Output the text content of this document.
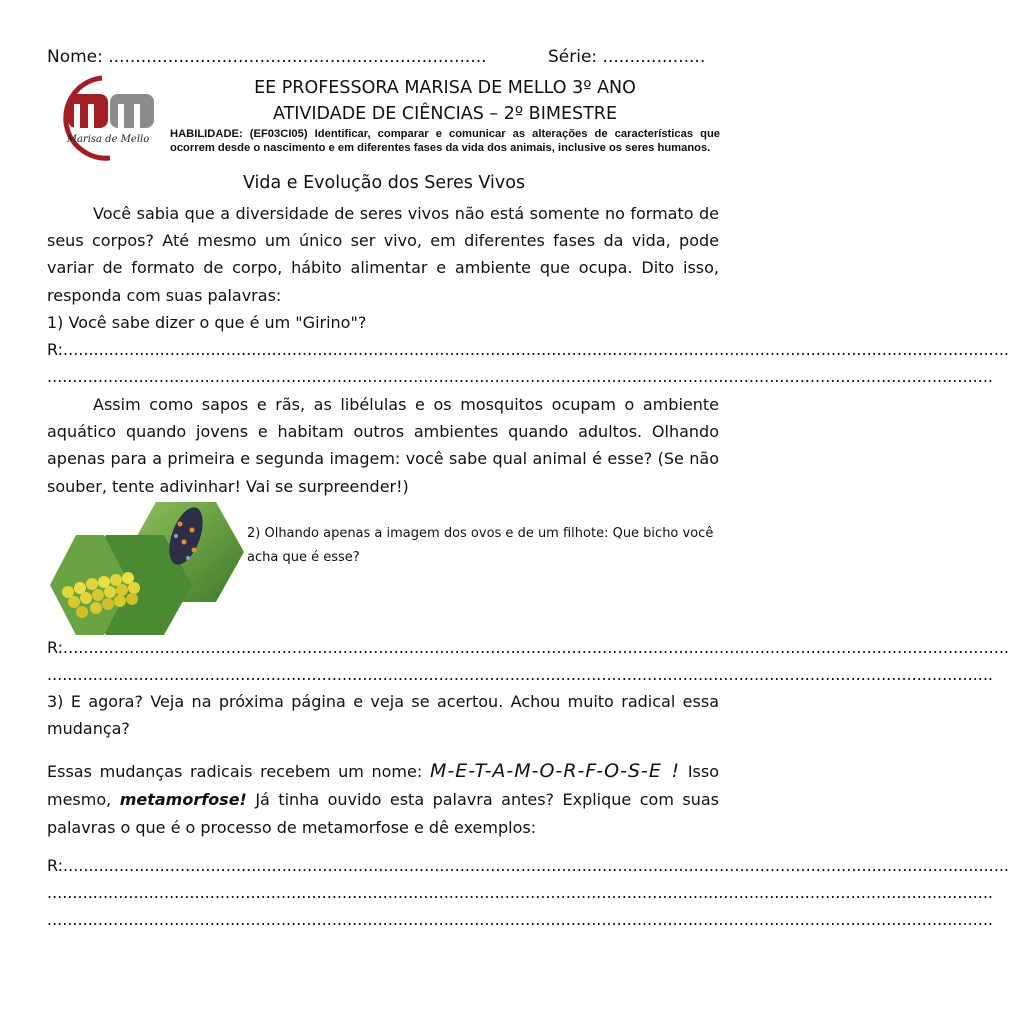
Nome: ......................................................................	Série: ...................
Marisa de Mello
EE PROFESSORA MARISA DE MELLO 3º ANO
ATIVIDADE DE CIÊNCIAS – 2º BIMESTRE
HABILIDADE: (EF03CI05) Identificar, comparar e comunicar as alterações de características que ocorrem desde o nascimento e em diferentes fases da vida dos animais, inclusive os seres humanos.
Vida e Evolução dos Seres Vivos
Você sabia que a diversidade de seres vivos não está somente no formato de seus corpos? Até mesmo um único ser vivo, em diferentes fases da vida, pode variar de formato de corpo, hábito alimentar e ambiente que ocupa. Dito isso, responda com suas palavras:
1) Você sabe dizer o que é um "Girino"?
R:..........................................................................................................................................................................................
..........................................................................................................................................................................................
Assim como sapos e rãs, as libélulas e os mosquitos ocupam o ambiente aquático quando jovens e habitam outros ambientes quando adultos. Olhando apenas para a primeira e segunda imagem: você sabe qual animal é esse? (Se não souber, tente adivinhar! Vai se surpreender!)
2) Olhando apenas a imagem dos ovos e de um filhote: Que bicho você acha que é esse?
R:..........................................................................................................................................................................................
..........................................................................................................................................................................................
3) E agora? Veja na próxima página e veja se acertou. Achou muito radical essa mudança?
Essas mudanças radicais recebem um nome: M-E-T-A-M-O-R-F-O-S-E ! Isso mesmo, metamorfose! Já tinha ouvido esta palavra antes? Explique com suas palavras o que é o processo de metamorfose e dê exemplos:
R:..........................................................................................................................................................................................
..........................................................................................................................................................................................
..........................................................................................................................................................................................
